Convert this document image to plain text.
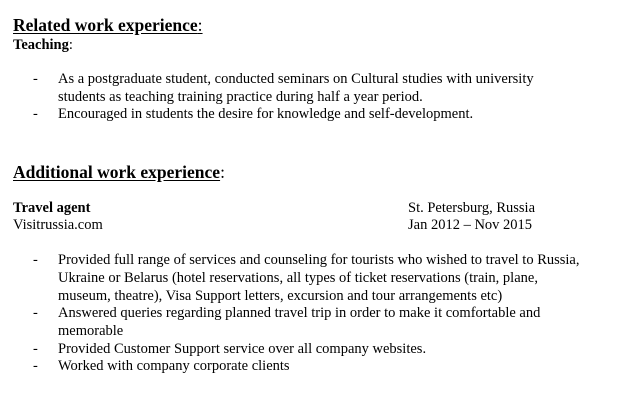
Related work experience:
Teaching:
- As a postgraduate student, conducted seminars on Cultural studies with university
students as teaching training practice during half a year period.
- Encouraged in students the desire for knowledge and self-development.
Additional work experience:
Travel agent
Visitrussia.com
St. Petersburg, Russia
Jan 2012 – Nov 2015
- Provided full range of services and counseling for tourists who wished to travel to Russia,
Ukraine or Belarus (hotel reservations, all types of ticket reservations (train, plane,
museum, theatre), Visa Support letters, excursion and tour arrangements etc)
- Answered queries regarding planned travel trip in order to make it comfortable and
memorable
- Provided Customer Support service over all company websites.
- Worked with company corporate clients
